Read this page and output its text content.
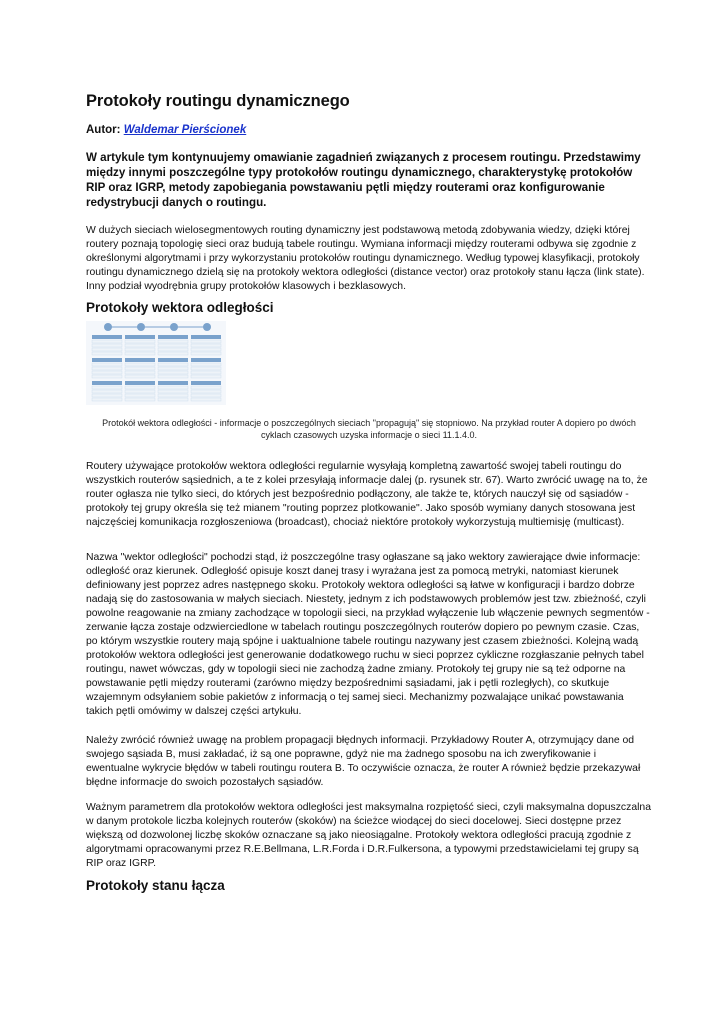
Protokoły routingu dynamicznego

Autor: Waldemar Pierścionek

W artykule tym kontynuujemy omawianie zagadnień związanych z procesem routingu. Przedstawimy między innymi poszczególne typy protokołów routingu dynamicznego, charakterystykę protokołów RIP oraz IGRP, metody zapobiegania powstawaniu pętli między routerami oraz konfigurowanie redystrybucji danych o routingu.

W dużych sieciach wielosegmentowych routing dynamiczny jest podstawową metodą zdobywania wiedzy, dzięki której routery poznają topologię sieci oraz budują tabele routingu. Wymiana informacji między routerami odbywa się zgodnie z określonymi algorytmami i przy wykorzystaniu protokołów routingu dynamicznego. Według typowej klasyfikacji, protokoły routingu dynamicznego dzielą się na protokoły wektora odległości (distance vector) oraz protokoły stanu łącza (link state). Inny podział wyodrębnia grupy protokołów klasowych i bezklasowych.

Protokoły wektora odległości

Protokół wektora odległości - informacje o poszczególnych sieciach "propagują" się stopniowo. Na przykład router A dopiero po dwóch cyklach czasowych uzyska informacje o sieci 11.1.4.0.

Routery używające protokołów wektora odległości regularnie wysyłają kompletną zawartość swojej tabeli routingu do wszystkich routerów sąsiednich, a te z kolei przesyłają informacje dalej (p. rysunek str. 67). Warto zwrócić uwagę na to, że router ogłasza nie tylko sieci, do których jest bezpośrednio podłączony, ale także te, których nauczył się od sąsiadów - protokoły tej grupy określa się też mianem "routing poprzez plotkowanie". Jako sposób wymiany danych stosowana jest najczęściej komunikacja rozgłoszeniowa (broadcast), chociaż niektóre protokoły wykorzystują multiemisję (multicast).

Nazwa "wektor odległości" pochodzi stąd, iż poszczególne trasy ogłaszane są jako wektory zawierające dwie informacje: odległość oraz kierunek. Odległość opisuje koszt danej trasy i wyrażana jest za pomocą metryki, natomiast kierunek definiowany jest poprzez adres następnego skoku. Protokoły wektora odległości są łatwe w konfiguracji i bardzo dobrze nadają się do zastosowania w małych sieciach. Niestety, jednym z ich podstawowych problemów jest tzw. zbieżność, czyli powolne reagowanie na zmiany zachodzące w topologii sieci, na przykład wyłączenie lub włączenie pewnych segmentów - zerwanie łącza zostaje odzwierciedlone w tabelach routingu poszczególnych routerów dopiero po pewnym czasie. Czas, po którym wszystkie routery mają spójne i uaktualnione tabele routingu nazywany jest czasem zbieżności. Kolejną wadą protokołów wektora odległości jest generowanie dodatkowego ruchu w sieci poprzez cykliczne rozgłaszanie pełnych tabel routingu, nawet wówczas, gdy w topologii sieci nie zachodzą żadne zmiany. Protokoły tej grupy nie są też odporne na powstawanie pętli między routerami (zarówno między bezpośrednimi sąsiadami, jak i pętli rozległych), co skutkuje wzajemnym odsyłaniem sobie pakietów z informacją o tej samej sieci. Mechanizmy pozwalające unikać powstawania takich pętli omówimy w dalszej części artykułu.

Należy zwrócić również uwagę na problem propagacji błędnych informacji. Przykładowy Router A, otrzymujący dane od swojego sąsiada B, musi zakładać, iż są one poprawne, gdyż nie ma żadnego sposobu na ich zweryfikowanie i ewentualne wykrycie błędów w tabeli routingu routera B. To oczywiście oznacza, że router A również będzie przekazywał błędne informacje do swoich pozostałych sąsiadów.

Ważnym parametrem dla protokołów wektora odległości jest maksymalna rozpiętość sieci, czyli maksymalna dopuszczalna w danym protokole liczba kolejnych routerów (skoków) na ścieżce wiodącej do sieci docelowej. Sieci dostępne przez większą od dozwolonej liczbę skoków oznaczane są jako nieosiągalne. Protokoły wektora odległości pracują zgodnie z algorytmami opracowanymi przez R.E.Bellmana, L.R.Forda i D.R.Fulkersona, a typowymi przedstawicielami tej grupy są RIP oraz IGRP.

Protokoły stanu łącza
